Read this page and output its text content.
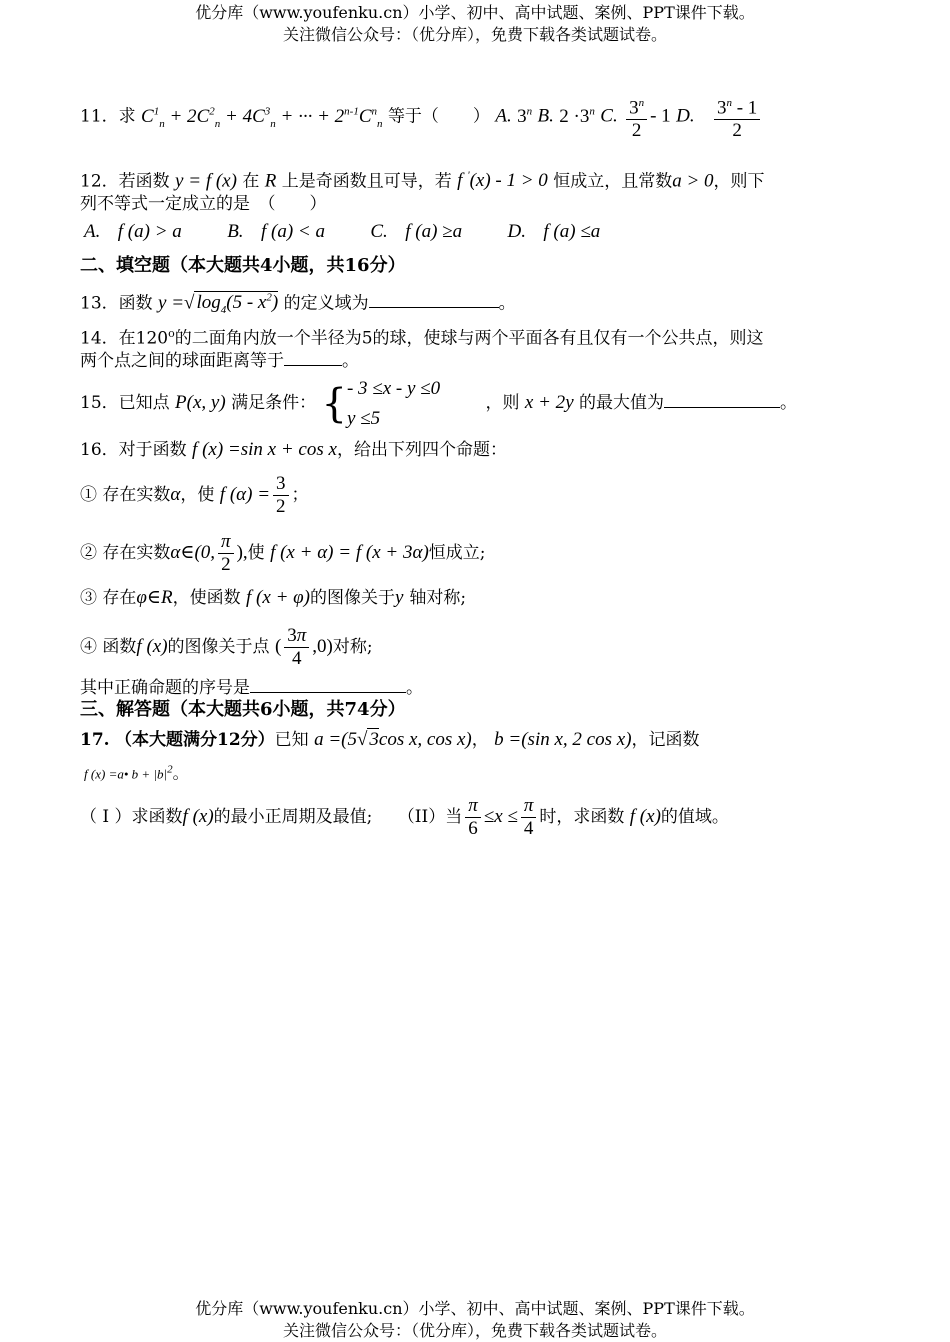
优分库（www.youfenku.cn）小学、初中、高中试题、案例、PPT课件下载。
关注微信公众号：（优分库），免费下载各类试题试卷。
11．求 $C^1_n + 2C^2_n + 4C^3_n$ + ··· + $2^{n-1}C^n_n$ 等于（　　） A. 3$^n$ B. $2 \cdot 3^n$ C. $\frac{3^n}{2} - 1$ D. $\frac{3^n - 1}{2}$
12．若函数 y = f (x) 在 R 上是奇函数且可导，若 f '(x) - 1 > 0 恒成立，且常数a > 0，则下
列不等式一定成立的是　（　　）
A. f (a) > a B. f (a) < a C. f (a) ≥a D. f (a) ≤a
二、填空题（本大题共4小题，共16分）
13．函数 y =√ $\log_4(5 - x^2)$ 的定义域为	。
14．在120$^o$的二面角内放一个半径为5的球，使球与两个平面各有且仅有一个公共点，则这
两个点之间的球面距离等于	。
15．已知点 P(x, y) 满足条件： { - 3 ≤x - y ≤0
y ≤5
，则 x + 2y 的最大值为	。
16．对于函数 f (x) =sin x + cos x，给出下列四个命题：
① 存在实数α，使 f $(\alpha) = \frac{3}{2}$ ；
② 存在实数α∈(0, $\frac{\pi}{2}$ ),使 f (x + α) = f (x + 3α)恒成立;
③ 存在φ∈R，使函数 f (x + φ)的图像关于y 轴对称;
④ 函数f (x)的图像关于点 ( $\frac{3\pi}{4} ,0$)对称;
其中正确命题的序号是	。
三、解答题（本大题共6小题，共74分）
17. （本大题满分12分）已知 a =(5√ 3cos x, cos x)， b =(sin x, 2 cos x)，记函数
f (x) =a• $b + |b|^2$。
（ I ）求函数f (x)的最小正周期及最值; （II）当 $\frac{\pi}{6} \le x \le \frac{\pi}{4}$ 时，求函数 f (x)的值域。
优分库（www.youfenku.cn）小学、初中、高中试题、案例、PPT课件下载。
关注微信公众号：（优分库），免费下载各类试题试卷。
